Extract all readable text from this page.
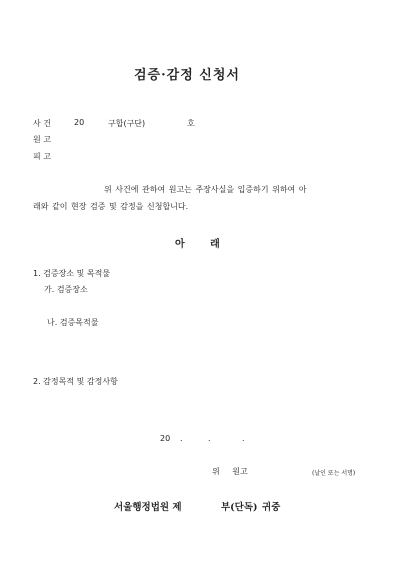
검증·감정 신청서
사 건	20	구합(구단)	호
원 고
피 고
위 사건에 관하여 원고는 주장사실을 입증하기 위하여 아
래와 같이 현장 검증 및 감정을 신청합니다.
아 래
1. 검증장소 및 목적물
가. 검증장소
나. 검증목적물
2. 감정목적 및 감정사항
20 .	.	.
위 원고	(날인 또는 서명)
서울행정법원 제	부(단독) 귀중
